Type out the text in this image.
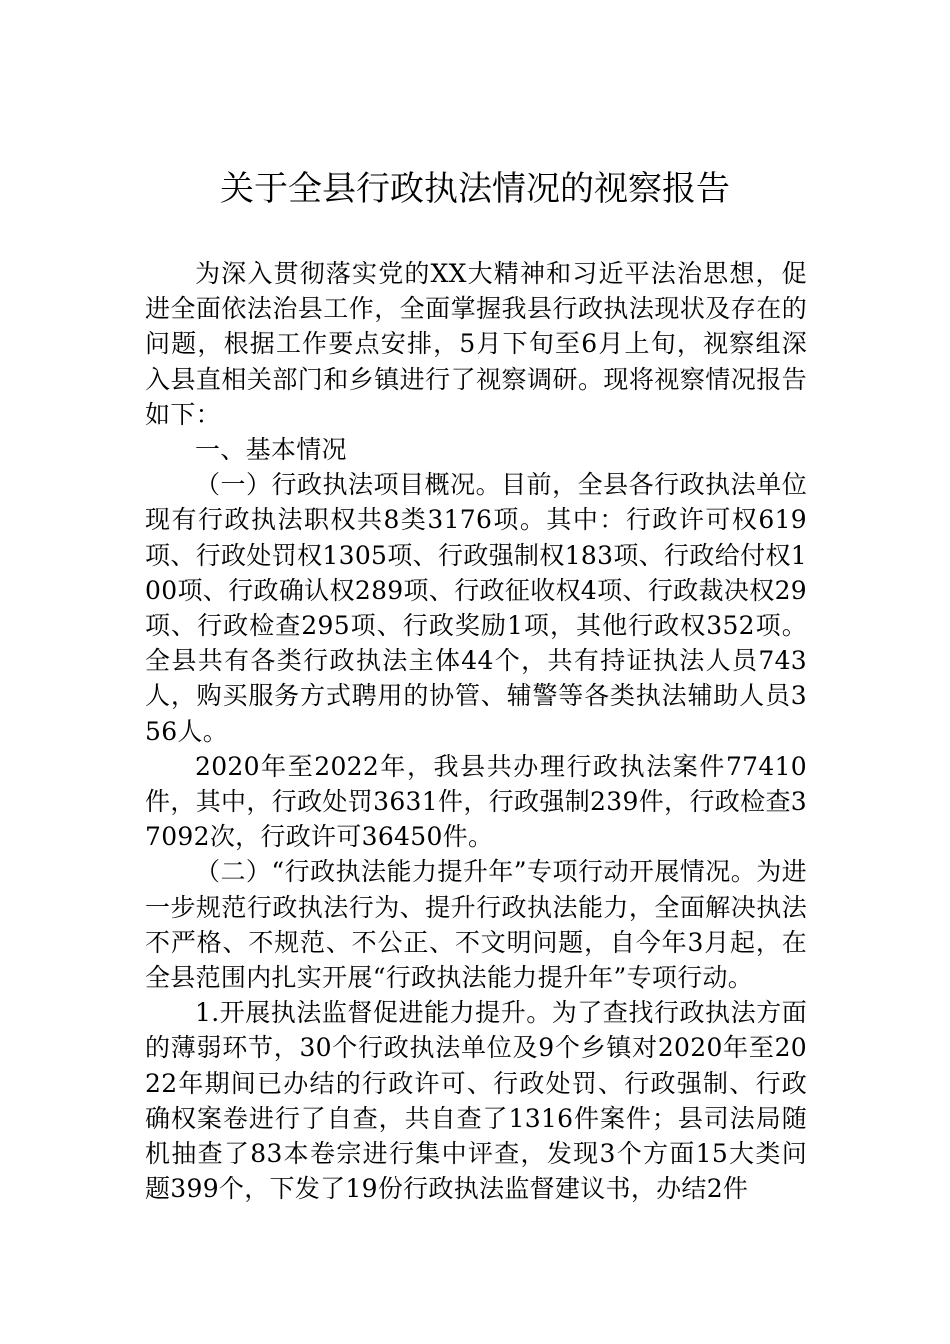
关于全县行政执法情况的视察报告

为深入贯彻落实党的XX大精神和习近平法治思想，促进全面依法治县工作，全面掌握我县行政执法现状及存在的问题，根据工作要点安排，5月下旬至6月上旬，视察组深入县直相关部门和乡镇进行了视察调研。现将视察情况报告如下：

一、基本情况

（一）行政执法项目概况。目前，全县各行政执法单位现有行政执法职权共8类3176项。其中：行政许可权619项、行政处罚权1305项、行政强制权183项、行政给付权100项、行政确认权289项、行政征收权4项、行政裁决权29项、行政检查295项、行政奖励1项，其他行政权352项。全县共有各类行政执法主体44个，共有持证执法人员743人，购买服务方式聘用的协管、辅警等各类执法辅助人员356人。

2020年至2022年，我县共办理行政执法案件77410件，其中，行政处罚3631件，行政强制239件，行政检查37092次，行政许可36450件。

（二）“行政执法能力提升年”专项行动开展情况。为进一步规范行政执法行为、提升行政执法能力，全面解决执法不严格、不规范、不公正、不文明问题，自今年3月起，在全县范围内扎实开展“行政执法能力提升年”专项行动。

1.开展执法监督促进能力提升。为了查找行政执法方面的薄弱环节，30个行政执法单位及9个乡镇对2020年至2022年期间已办结的行政许可、行政处罚、行政强制、行政确权案卷进行了自查，共自查了1316件案件；县司法局随机抽查了83本卷宗进行集中评查，发现3个方面15大类问题399个，下发了19份行政执法监督建议书，办结2件
